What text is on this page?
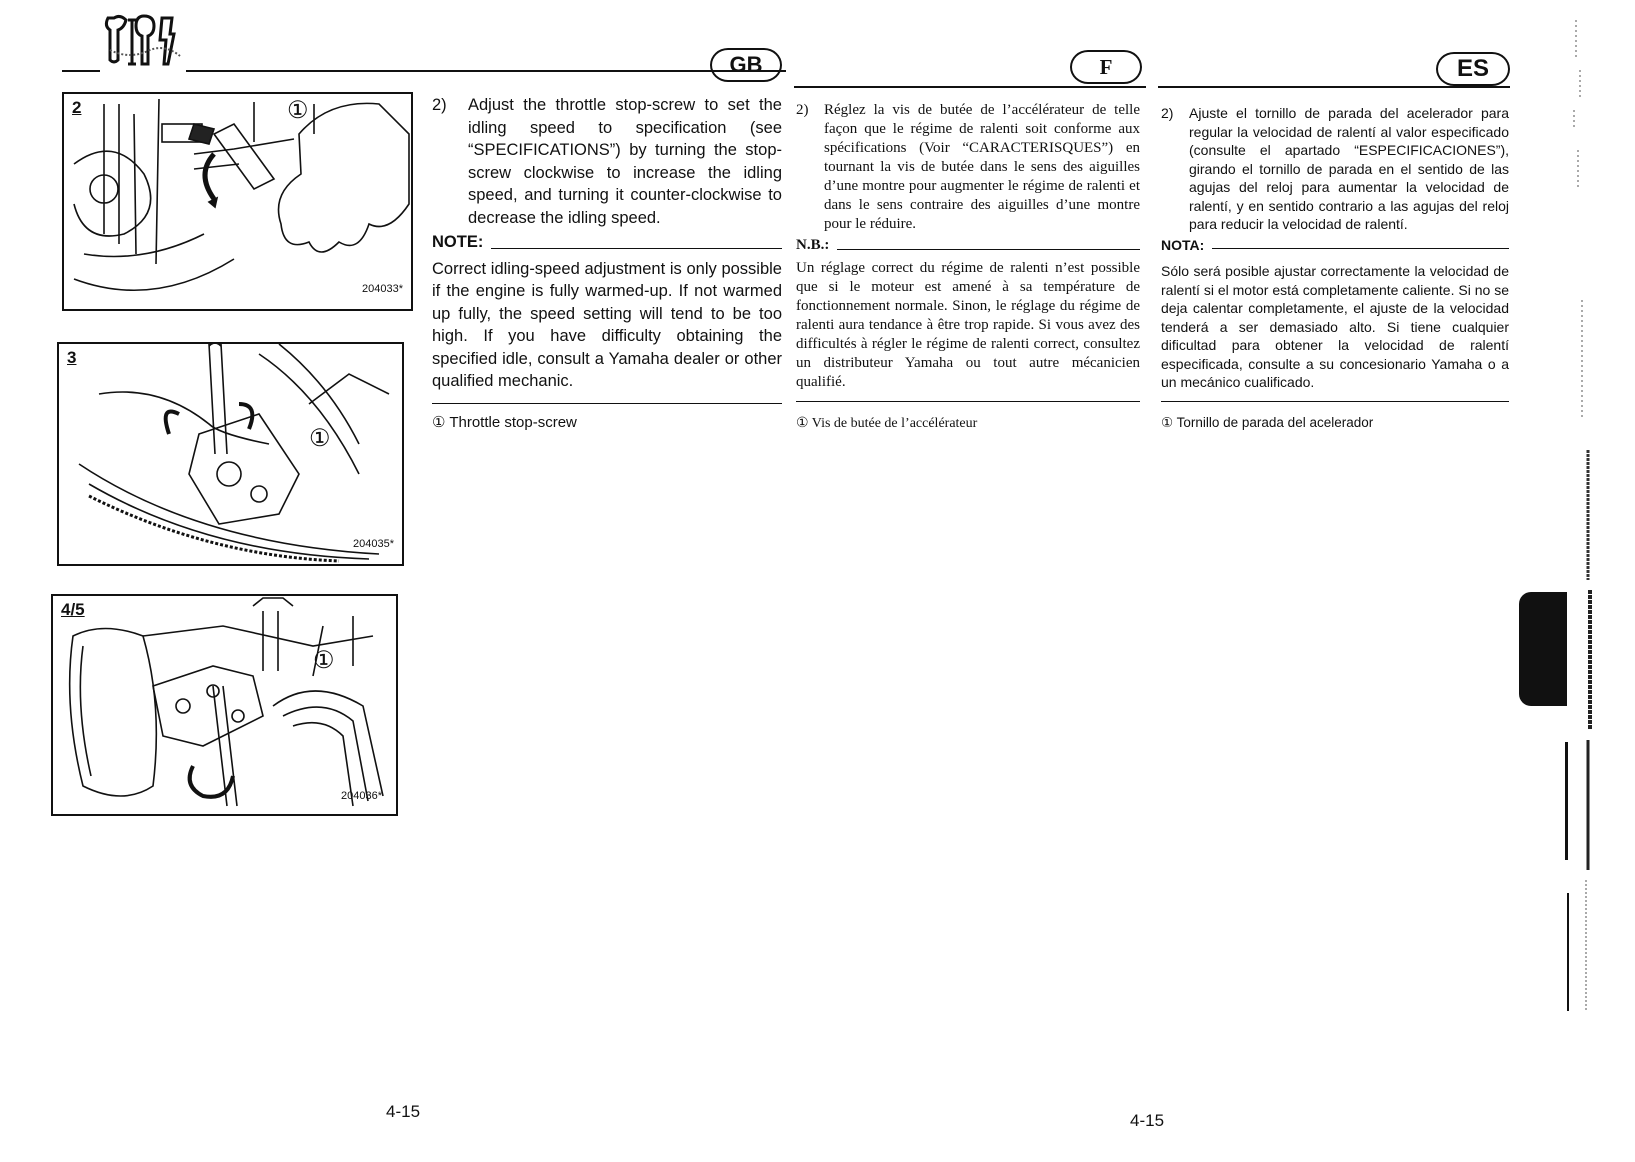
GB	F	ES
2	①
204033*
3
①
204035*
4/5
①
204036*
2)	Adjust the throttle stop-screw to set the idling speed to specification (see “SPECIFICATIONS”) by turning the stop-screw clockwise to increase the idling speed, and turning it counter-clockwise to decrease the idling speed.
NOTE:
Correct idling-speed adjustment is only possible if the engine is fully warmed-up. If not warmed up fully, the speed setting will tend to be too high. If you have difficulty obtaining the specified idle, consult a Yamaha dealer or other qualified mechanic.
① Throttle stop-screw
2)	Réglez la vis de butée de l’accélérateur de telle façon que le régime de ralenti soit conforme aux spécifications (Voir “CARACTERISQUES”) en tournant la vis de butée dans le sens des aiguilles d’une montre pour augmenter le régime de ralenti et dans le sens contraire des aiguilles d’une montre pour le réduire.
N.B.:
Un réglage correct du régime de ralenti n’est possible que si le moteur est amené à sa température de fonctionnement normale. Sinon, le réglage du régime de ralenti aura tendance à être trop rapide. Si vous avez des difficultés à régler le régime de ralenti correct, consultez un distributeur Yamaha ou tout autre mécanicien qualifié.
① Vis de butée de l’accélérateur
2)	Ajuste el tornillo de parada del acelerador para regular la velocidad de ralentí al valor especificado (consulte el apartado “ESPECIFICACIONES”), girando el tornillo de parada en el sentido de las agujas del reloj para aumentar la velocidad de ralentí, y en sentido contrario a las agujas del reloj para reducir la velocidad de ralentí.
NOTA:
Sólo será posible ajustar correctamente la velocidad de ralentí si el motor está completamente caliente. Si no se deja calentar completamente, el ajuste de la velocidad tenderá a ser demasiado alto. Si tiene cualquier dificultad para obtener la velocidad de ralentí especificada, consulte a su concesionario Yamaha o a un mecánico cualificado.
① Tornillo de parada del acelerador
4-15	4-15
